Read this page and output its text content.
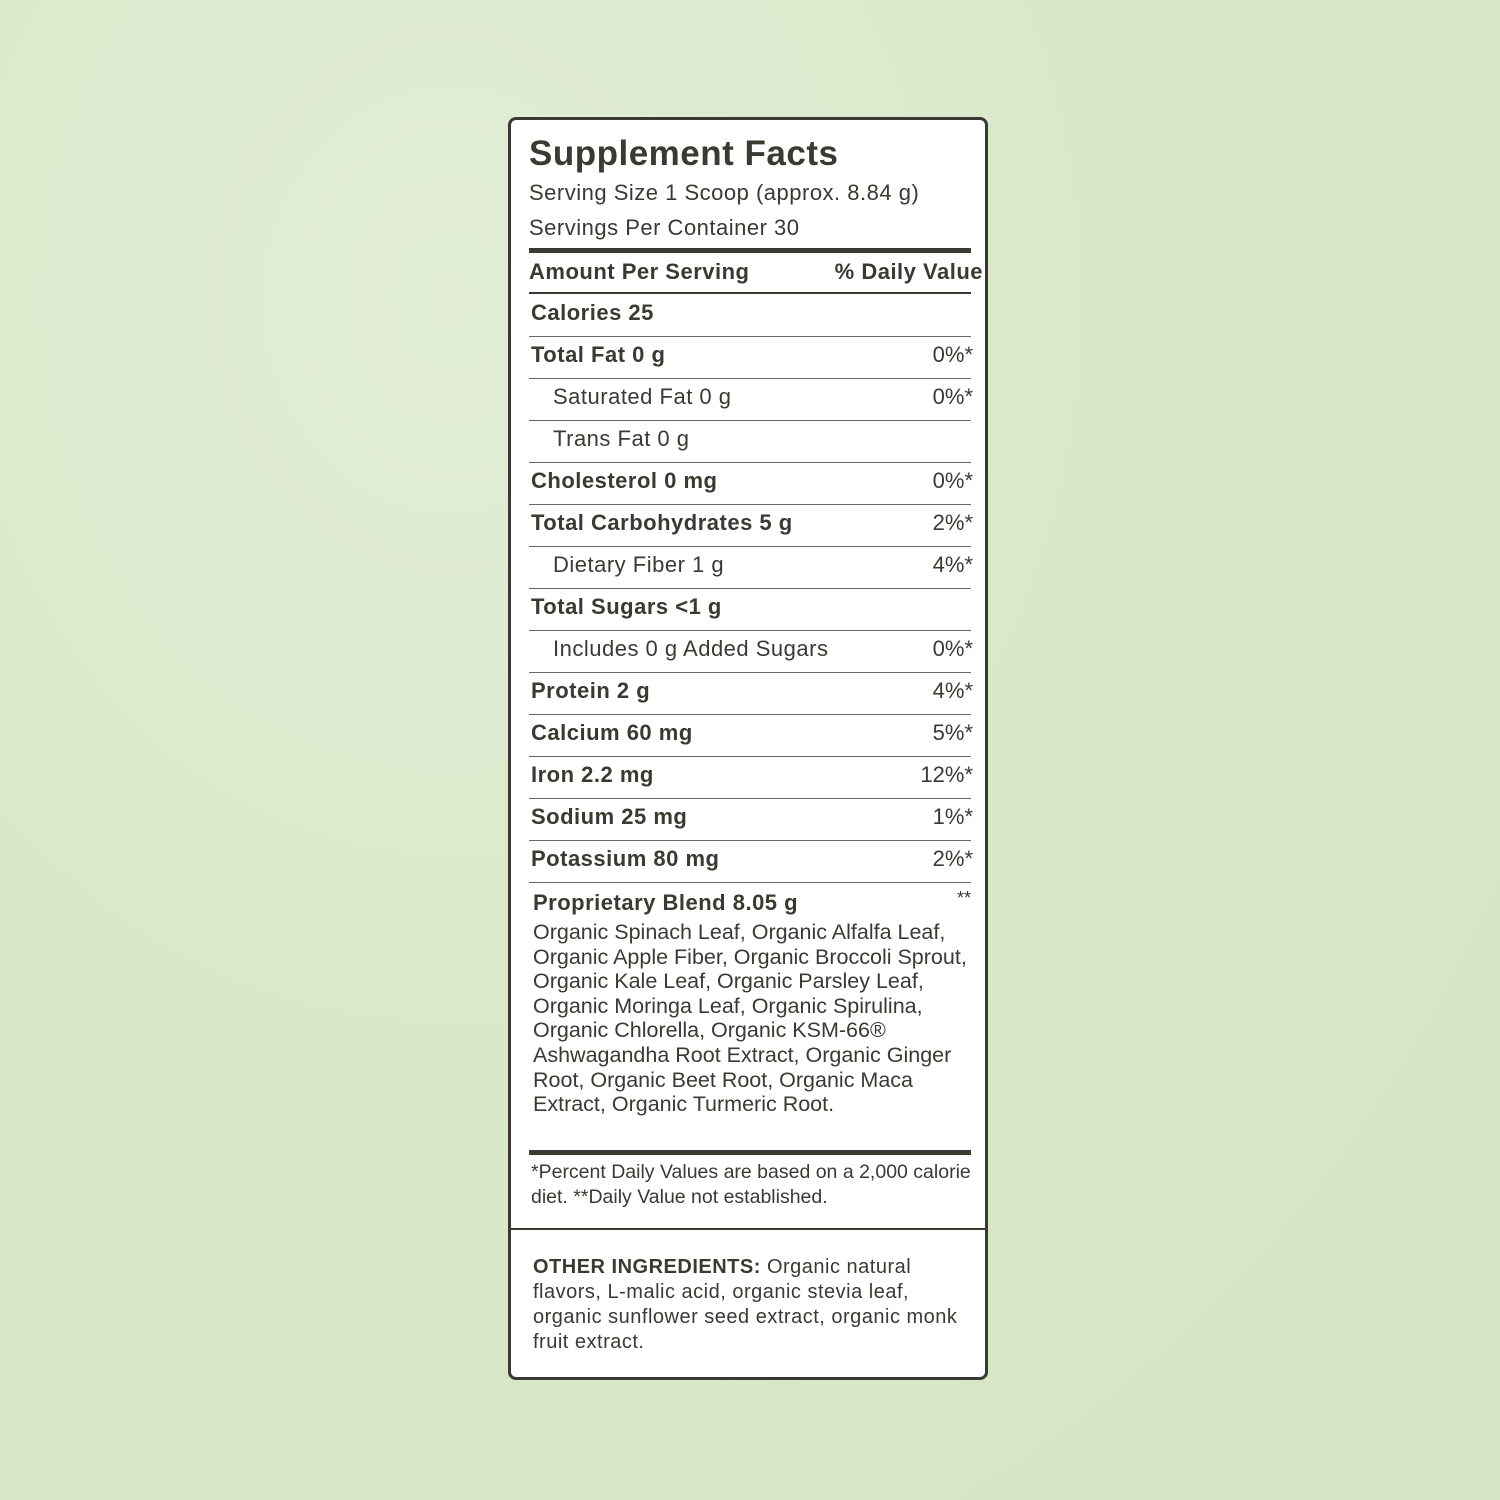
Supplement Facts
Serving Size 1 Scoop (approx. 8.84 g)
Servings Per Container 30
Amount Per Serving	% Daily Value
Calories 25
Total Fat 0 g	0%*
Saturated Fat 0 g	0%*
Trans Fat 0 g
Cholesterol 0 mg	0%*
Total Carbohydrates 5 g	2%*
Dietary Fiber 1 g	4%*
Total Sugars <1 g
Includes 0 g Added Sugars	0%*
Protein 2 g	4%*
Calcium 60 mg	5%*
Iron 2.2 mg	12%*
Sodium 25 mg	1%*
Potassium 80 mg	2%*
Proprietary Blend 8.05 g	**
Organic Spinach Leaf, Organic Alfalfa Leaf, Organic Apple Fiber, Organic Broccoli Sprout, Organic Kale Leaf, Organic Parsley Leaf, Organic Moringa Leaf, Organic Spirulina, Organic Chlorella, Organic KSM-66® Ashwagandha Root Extract, Organic Ginger Root, Organic Beet Root, Organic Maca Extract, Organic Turmeric Root.
*Percent Daily Values are based on a 2,000 calorie diet. **Daily Value not established.
OTHER INGREDIENTS: Organic natural flavors, L-malic acid, organic stevia leaf, organic sunflower seed extract, organic monk fruit extract.
